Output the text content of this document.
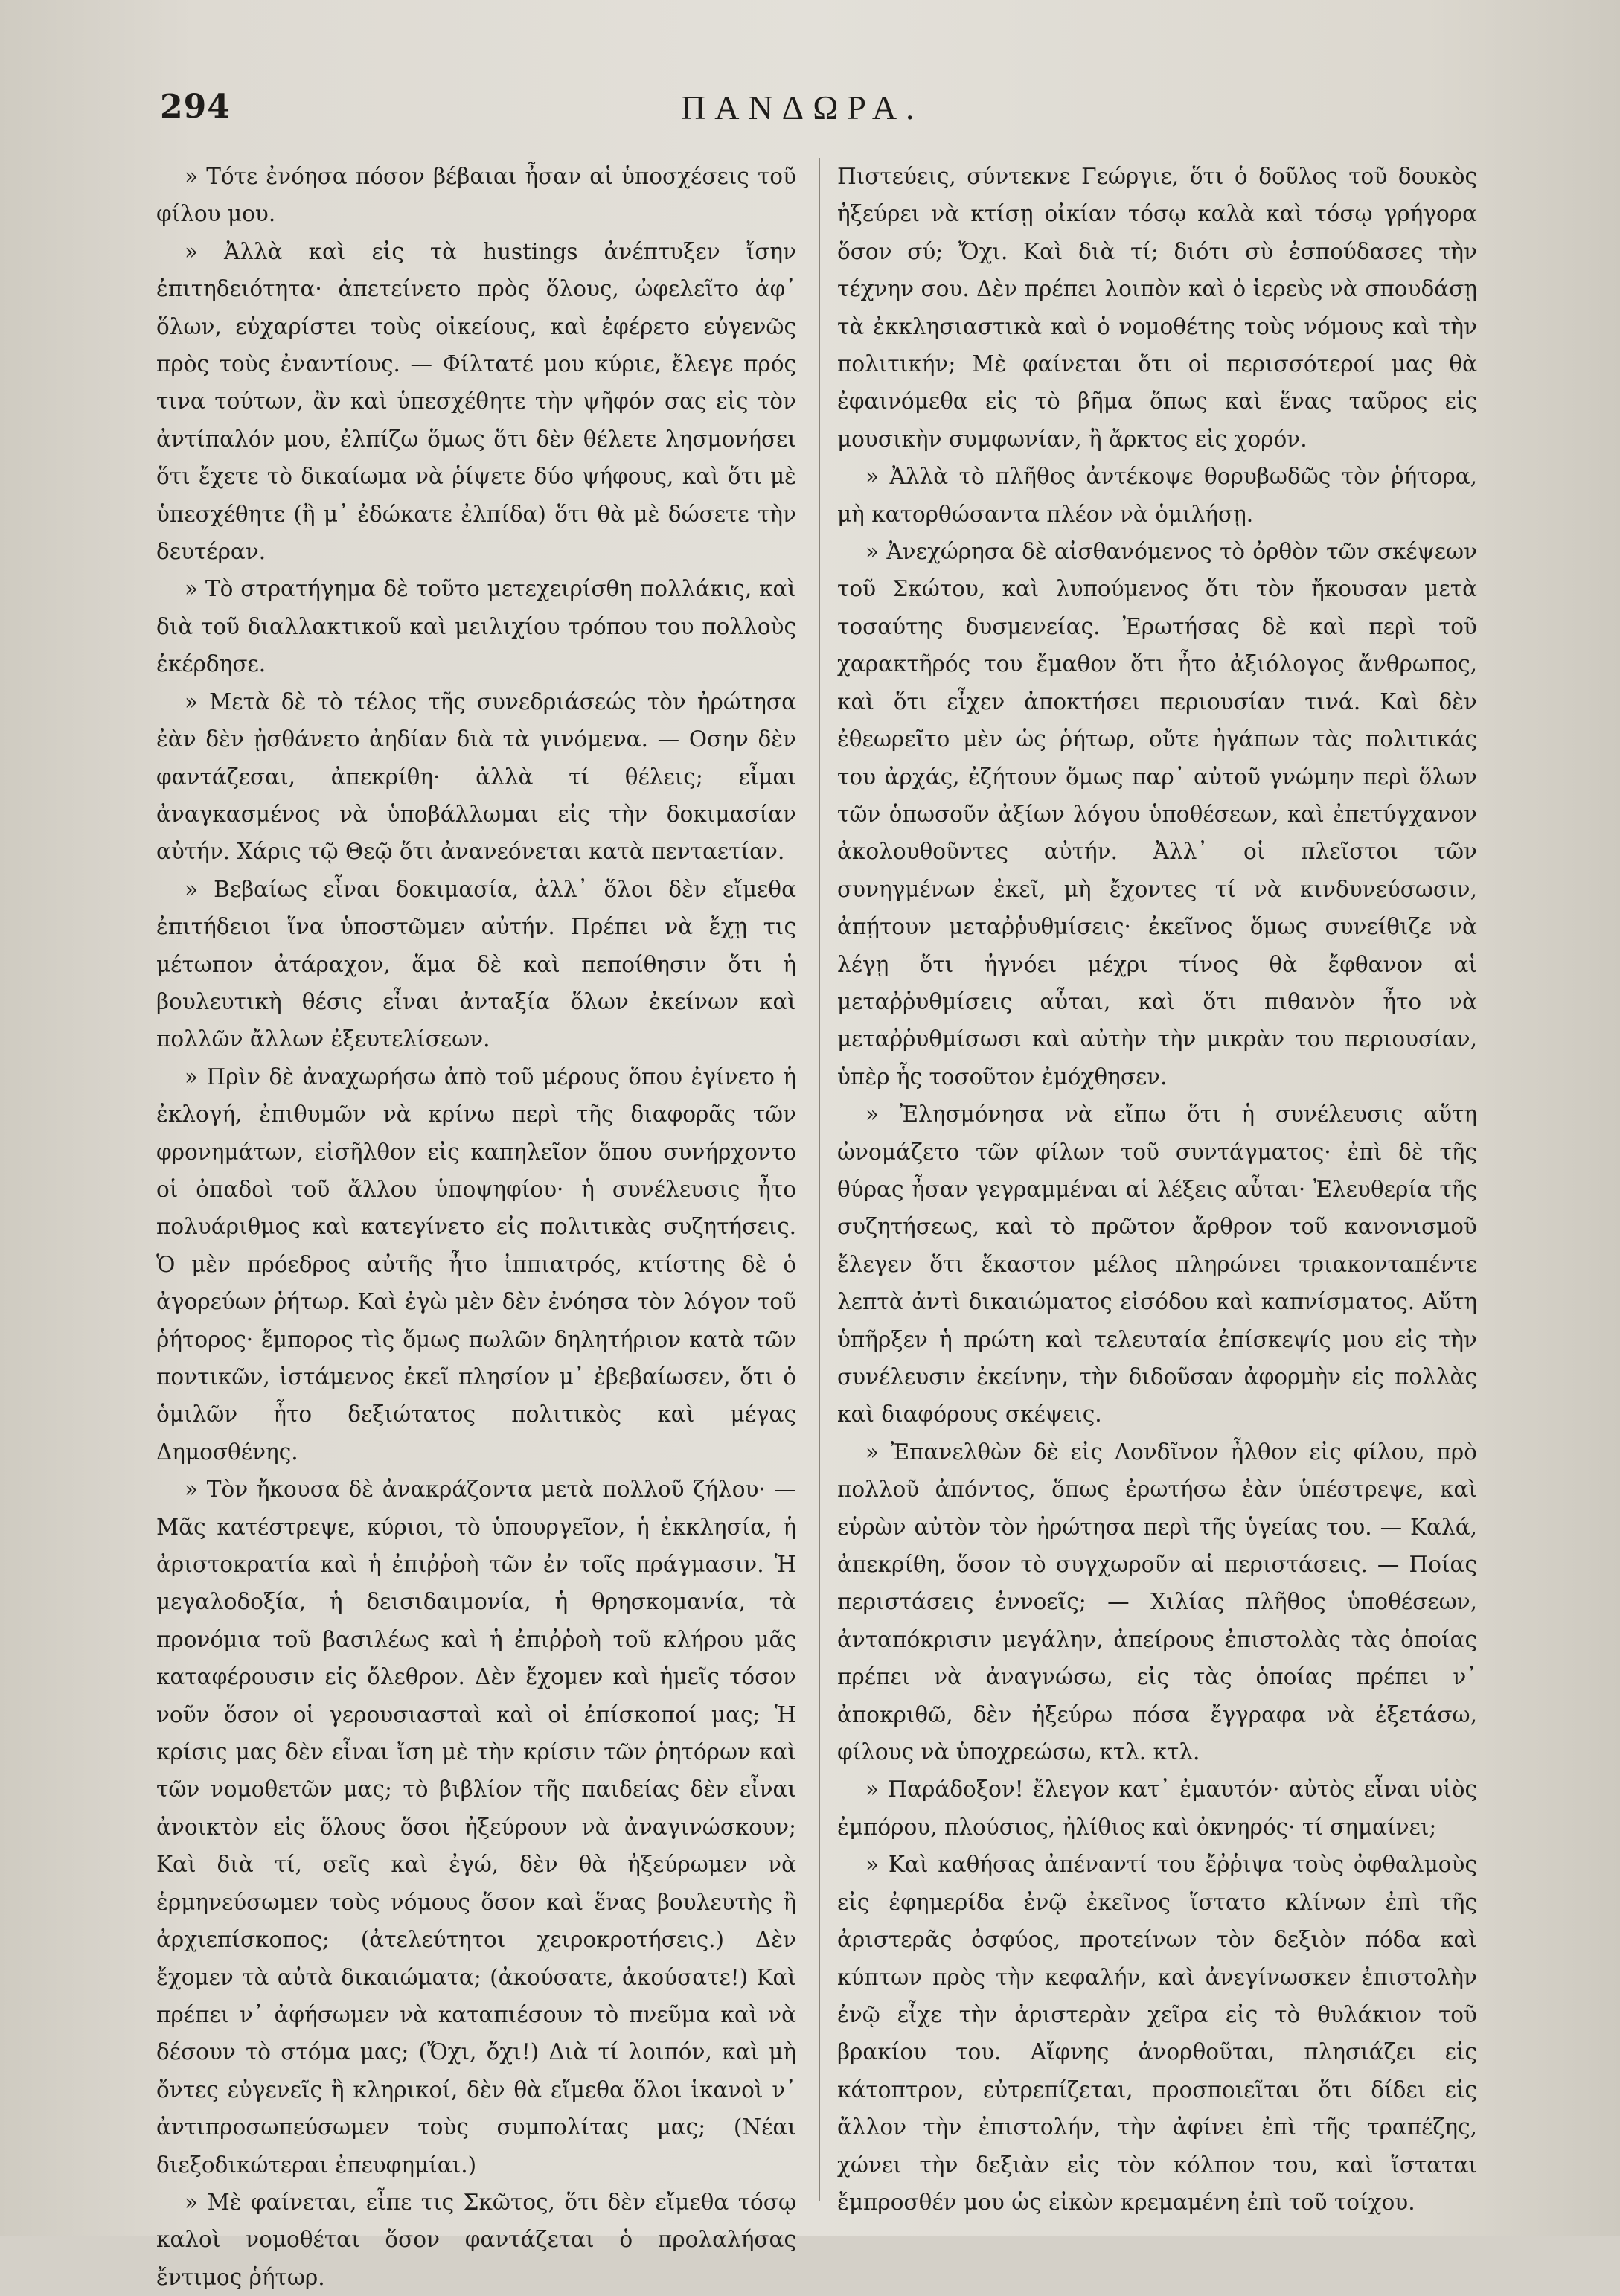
294	ΠΑΝΔΩΡΑ.

» Τότε ἐνόησα πόσον βέβαιαι ἦσαν αἱ ὑποσχέσεις τοῦ φίλου μου.

» Ἀλλὰ καὶ εἰς τὰ hustings ἀνέπτυξεν ἴσην ἐπιτηδειότητα· ἀπετείνετο πρὸς ὅλους, ὠφελεῖτο ἀφ᾽ ὅλων, εὐχαρίστει τοὺς οἰκείους, καὶ ἐφέρετο εὐγενῶς πρὸς τοὺς ἐναντίους. — Φίλτατέ μου κύριε, ἔλεγε πρός τινα τούτων, ἂν καὶ ὑπεσχέθητε τὴν ψῆφόν σας εἰς τὸν ἀντίπαλόν μου, ἐλπίζω ὅμως ὅτι δὲν θέλετε λησμονήσει ὅτι ἔχετε τὸ δικαίωμα νὰ ῥίψετε δύο ψήφους, καὶ ὅτι μὲ ὑπεσχέθητε (ἢ μ᾽ ἐδώκατε ἐλπίδα) ὅτι θὰ μὲ δώσετε τὴν δευτέραν.

» Τὸ στρατήγημα δὲ τοῦτο μετεχειρίσθη πολλάκις, καὶ διὰ τοῦ διαλλακτικοῦ καὶ μειλιχίου τρόπου του πολλοὺς ἐκέρδησε.

» Μετὰ δὲ τὸ τέλος τῆς συνεδριάσεώς τὸν ἠρώτησα ἐὰν δὲν ᾐσθάνετο ἀηδίαν διὰ τὰ γινόμενα. — Οσην δὲν φαντάζεσαι, ἀπεκρίθη· ἀλλὰ τί θέλεις; εἶμαι ἀναγκασμένος νὰ ὑποβάλλωμαι εἰς τὴν δοκιμασίαν αὐτήν. Χάρις τῷ Θεῷ ὅτι ἀνανεόνεται κατὰ πενταετίαν.

» Βεβαίως εἶναι δοκιμασία, ἀλλ᾽ ὅλοι δὲν εἴμεθα ἐπιτήδειοι ἵνα ὑποστῶμεν αὐτήν. Πρέπει νὰ ἔχῃ τις μέτωπον ἀτάραχον, ἅμα δὲ καὶ πεποίθησιν ὅτι ἡ βουλευτικὴ θέσις εἶναι ἀνταξία ὅλων ἐκείνων καὶ πολλῶν ἄλλων ἐξευτελίσεων.

» Πρὶν δὲ ἀναχωρήσω ἀπὸ τοῦ μέρους ὅπου ἐγίνετο ἡ ἐκλογή, ἐπιθυμῶν νὰ κρίνω περὶ τῆς διαφορᾶς τῶν φρονημάτων, εἰσῆλθον εἰς καπηλεῖον ὅπου συνήρχοντο οἱ ὀπαδοὶ τοῦ ἄλλου ὑποψηφίου· ἡ συνέλευσις ἦτο πολυάριθμος καὶ κατεγίνετο εἰς πολιτικὰς συζητήσεις. Ὁ μὲν πρόεδρος αὐτῆς ἦτο ἰππιατρός, κτίστης δὲ ὁ ἀγορεύων ῥήτωρ. Καὶ ἐγὼ μὲν δὲν ἐνόησα τὸν λόγον τοῦ ῥήτορος· ἔμπορος τὶς ὅμως πωλῶν δηλητήριον κατὰ τῶν ποντικῶν, ἱστάμενος ἐκεῖ πλησίον μ᾽ ἐβεβαίωσεν, ὅτι ὁ ὁμιλῶν ἦτο δεξιώτατος πολιτικὸς καὶ μέγας Δημοσθένης.

» Τὸν ἤκουσα δὲ ἀνακράζοντα μετὰ πολλοῦ ζήλου· — Μᾶς κατέστρεψε, κύριοι, τὸ ὑπουργεῖον, ἡ ἐκκλησία, ἡ ἀριστοκρατία καὶ ἡ ἐπιῤῥοὴ τῶν ἐν τοῖς πράγμασιν. Ἡ μεγαλοδοξία, ἡ δεισιδαιμονία, ἡ θρησκομανία, τὰ προνόμια τοῦ βασιλέως καὶ ἡ ἐπιῤῥοὴ τοῦ κλήρου μᾶς καταφέρουσιν εἰς ὄλεθρον. Δὲν ἔχομεν καὶ ἡμεῖς τόσον νοῦν ὅσον οἱ γερουσιασταὶ καὶ οἱ ἐπίσκοποί μας; Ἡ κρίσις μας δὲν εἶναι ἴση μὲ τὴν κρίσιν τῶν ῥητόρων καὶ τῶν νομοθετῶν μας; τὸ βιβλίον τῆς παιδείας δὲν εἶναι ἀνοικτὸν εἰς ὅλους ὅσοι ἠξεύρουν νὰ ἀναγινώσκουν; Καὶ διὰ τί, σεῖς καὶ ἐγώ, δὲν θὰ ἠξεύρωμεν νὰ ἑρμηνεύσωμεν τοὺς νόμους ὅσον καὶ ἕνας βουλευτὴς ἢ ἀρχιεπίσκοπος; (ἀτελεύτητοι χειροκροτήσεις.) Δὲν ἔχομεν τὰ αὐτὰ δικαιώματα; (ἀκούσατε, ἀκούσατε!) Καὶ πρέπει ν᾽ ἀφήσωμεν νὰ καταπιέσουν τὸ πνεῦμα καὶ νὰ δέσουν τὸ στόμα μας; (Ὄχι, ὄχι!) Διὰ τί λοιπόν, καὶ μὴ ὄντες εὐγενεῖς ἢ κληρικοί, δὲν θὰ εἴμεθα ὅλοι ἱκανοὶ ν᾽ ἀντιπροσωπεύσωμεν τοὺς συμπολίτας μας; (Νέαι διεξοδικώτεραι ἐπευφημίαι.)

» Μὲ φαίνεται, εἶπε τις Σκῶτος, ὅτι δὲν εἴμεθα τόσῳ καλοὶ νομοθέται ὅσον φαντάζεται ὁ προλαλήσας ἔντιμος ῥήτωρ.

Πιστεύεις, σύντεκνε Γεώργιε, ὅτι ὁ δοῦλος τοῦ δουκὸς ἠξεύρει νὰ κτίσῃ οἰκίαν τόσῳ καλὰ καὶ τόσῳ γρήγορα ὅσον σύ; Ὄχι. Καὶ διὰ τί; διότι σὺ ἐσπούδασες τὴν τέχνην σου. Δὲν πρέπει λοιπὸν καὶ ὁ ἱερεὺς νὰ σπουδάσῃ τὰ ἐκκλησιαστικὰ καὶ ὁ νομοθέτης τοὺς νόμους καὶ τὴν πολιτικήν; Μὲ φαίνεται ὅτι οἱ περισσότεροί μας θὰ ἐφαινόμεθα εἰς τὸ βῆμα ὅπως καὶ ἕνας ταῦρος εἰς μουσικὴν συμφωνίαν, ἢ ἄρκτος εἰς χορόν.

» Ἀλλὰ τὸ πλῆθος ἀντέκοψε θορυβωδῶς τὸν ῥήτορα, μὴ κατορθώσαντα πλέον νὰ ὁμιλήσῃ.

» Ἀνεχώρησα δὲ αἰσθανόμενος τὸ ὀρθὸν τῶν σκέψεων τοῦ Σκώτου, καὶ λυπούμενος ὅτι τὸν ἤκουσαν μετὰ τοσαύτης δυσμενείας. Ἐρωτήσας δὲ καὶ περὶ τοῦ χαρακτῆρός του ἔμαθον ὅτι ἦτο ἀξιόλογος ἄνθρωπος, καὶ ὅτι εἶχεν ἀποκτήσει περιουσίαν τινά. Καὶ δὲν ἐθεωρεῖτο μὲν ὡς ῥήτωρ, οὔτε ἠγάπων τὰς πολιτικάς του ἀρχάς, ἐζήτουν ὅμως παρ᾽ αὐτοῦ γνώμην περὶ ὅλων τῶν ὁπωσοῦν ἀξίων λόγου ὑποθέσεων, καὶ ἐπετύγχανον ἀκολουθοῦντες αὐτήν. Ἀλλ᾽ οἱ πλεῖστοι τῶν συνηγμένων ἐκεῖ, μὴ ἔχοντες τί νὰ κινδυνεύσωσιν, ἀπῄτουν μεταῤῥυθμίσεις· ἐκεῖνος ὅμως συνείθιζε νὰ λέγῃ ὅτι ἠγνόει μέχρι τίνος θὰ ἔφθανον αἱ μεταῤῥυθμίσεις αὗται, καὶ ὅτι πιθανὸν ἦτο νὰ μεταῤῥυθμίσωσι καὶ αὐτὴν τὴν μικρὰν του περιουσίαν, ὑπὲρ ἧς τοσοῦτον ἐμόχθησεν.

» Ἐλησμόνησα νὰ εἴπω ὅτι ἡ συνέλευσις αὕτη ὠνομάζετο τῶν φίλων τοῦ συντάγματος· ἐπὶ δὲ τῆς θύρας ἦσαν γεγραμμέναι αἱ λέξεις αὗται· Ἐλευθερία τῆς συζητήσεως, καὶ τὸ πρῶτον ἄρθρον τοῦ κανονισμοῦ ἔλεγεν ὅτι ἕκαστον μέλος πληρώνει τριακονταπέντε λεπτὰ ἀντὶ δικαιώματος εἰσόδου καὶ καπνίσματος. Αὕτη ὑπῆρξεν ἡ πρώτη καὶ τελευταία ἐπίσκεψίς μου εἰς τὴν συνέλευσιν ἐκείνην, τὴν διδοῦσαν ἀφορμὴν εἰς πολλὰς καὶ διαφόρους σκέψεις.

» Ἐπανελθὼν δὲ εἰς Λονδῖνον ἦλθον εἰς φίλου, πρὸ πολλοῦ ἀπόντος, ὅπως ἐρωτήσω ἐὰν ὑπέστρεψε, καὶ εὑρὼν αὐτὸν τὸν ἠρώτησα περὶ τῆς ὑγείας του. — Καλά, ἀπεκρίθη, ὅσον τὸ συγχωροῦν αἱ περιστάσεις. — Ποίας περιστάσεις ἐννοεῖς; — Χιλίας πλῆθος ὑποθέσεων, ἀνταπόκρισιν μεγάλην, ἀπείρους ἐπιστολὰς τὰς ὁποίας πρέπει νὰ ἀναγνώσω, εἰς τὰς ὁποίας πρέπει ν᾽ ἀποκριθῶ, δὲν ἠξεύρω πόσα ἔγγραφα νὰ ἐξετάσω, φίλους νὰ ὑποχρεώσω, κτλ. κτλ.

» Παράδοξον! ἔλεγον κατ᾽ ἐμαυτόν· αὐτὸς εἶναι υἱὸς ἐμπόρου, πλούσιος, ἠλίθιος καὶ ὀκνηρός· τί σημαίνει;

» Καὶ καθήσας ἀπέναντί του ἔῤῥιψα τοὺς ὀφθαλμοὺς εἰς ἐφημερίδα ἐνῷ ἐκεῖνος ἵστατο κλίνων ἐπὶ τῆς ἀριστερᾶς ὀσφύος, προτείνων τὸν δεξιὸν πόδα καὶ κύπτων πρὸς τὴν κεφαλήν, καὶ ἀνεγίνωσκεν ἐπιστολὴν ἐνῷ εἶχε τὴν ἀριστερὰν χεῖρα εἰς τὸ θυλάκιον τοῦ βρακίου του. Αἴφνης ἀνορθοῦται, πλησιάζει εἰς κάτοπτρον, εὐτρεπίζεται, προσποιεῖται ὅτι δίδει εἰς ἄλλον τὴν ἐπιστολήν, τὴν ἀφίνει ἐπὶ τῆς τραπέζης, χώνει τὴν δεξιὰν εἰς τὸν κόλπον του, καὶ ἵσταται ἔμπροσθέν μου ὡς εἰκὼν κρεμαμένη ἐπὶ τοῦ τοίχου.
